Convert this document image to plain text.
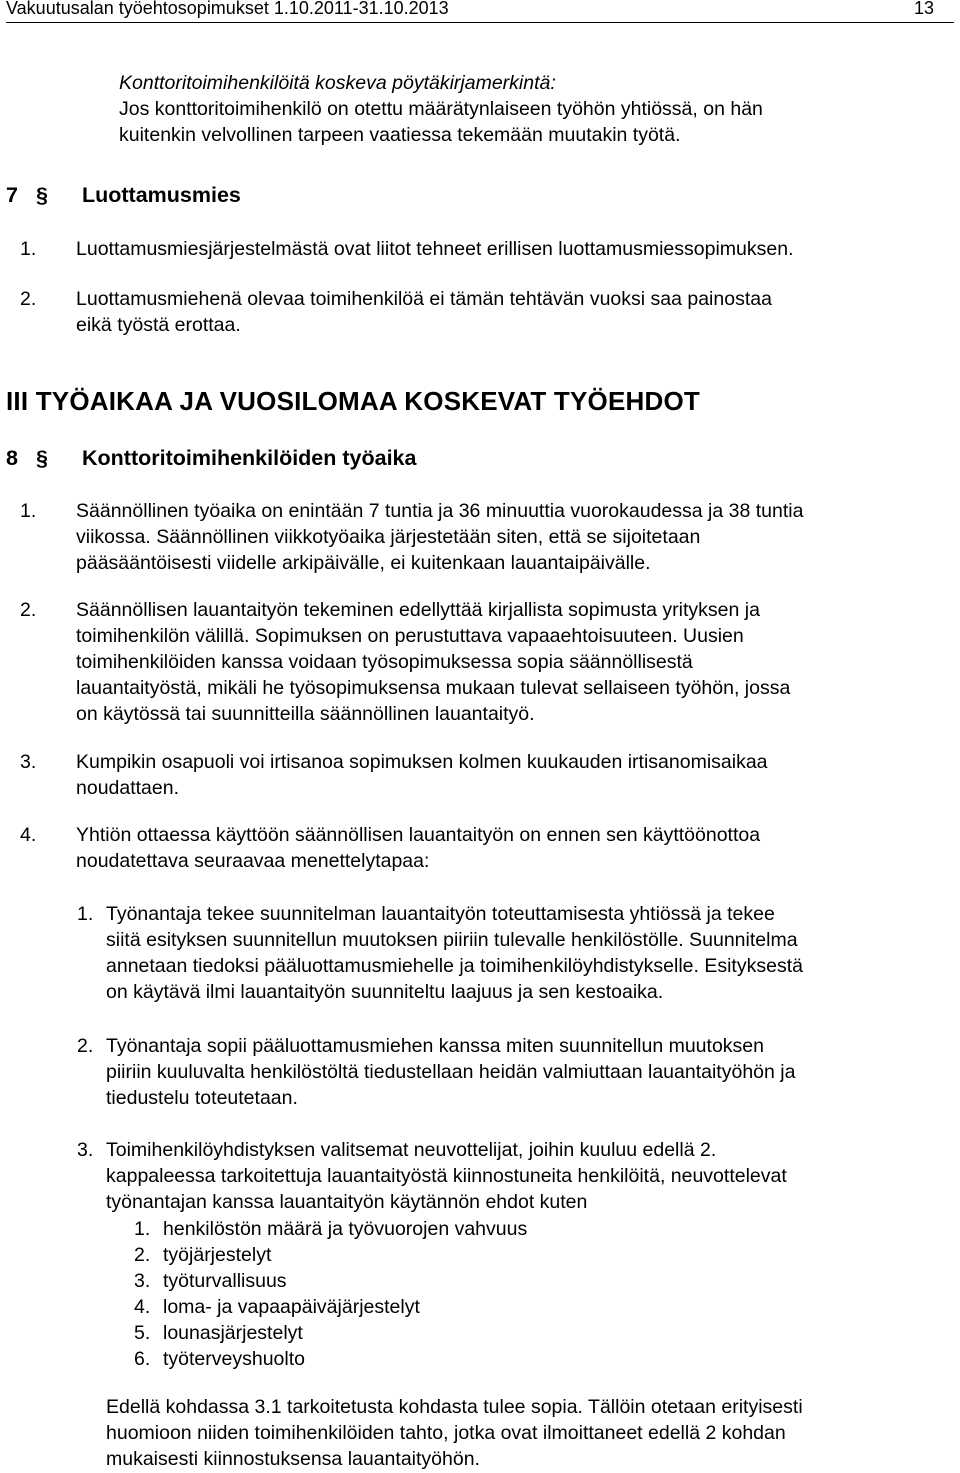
Vakuutusalan työehtosopimukset 1.10.2011-31.10.2013	13
Konttoritoimihenkilöitä koskeva pöytäkirjamerkintä:
Jos konttoritoimihenkilö on otettu määrätynlaiseen työhön yhtiössä, on hän
kuitenkin velvollinen tarpeen vaatiessa tekemään muutakin työtä.
7 § Luottamusmies
1. Luottamusmiesjärjestelmästä ovat liitot tehneet erillisen luottamusmiessopimuksen.
2. Luottamusmiehenä olevaa toimihenkilöä ei tämän tehtävän vuoksi saa painostaa
eikä työstä erottaa.
III TYÖAIKAA JA VUOSILOMAA KOSKEVAT TYÖEHDOT
8 § Konttoritoimihenkilöiden työaika
1. Säännöllinen työaika on enintään 7 tuntia ja 36 minuuttia vuorokaudessa ja 38 tuntia
viikossa. Säännöllinen viikkotyöaika järjestetään siten, että se sijoitetaan
pääsääntöisesti viidelle arkipäivälle, ei kuitenkaan lauantaipäivälle.
2. Säännöllisen lauantaityön tekeminen edellyttää kirjallista sopimusta yrityksen ja
toimihenkilön välillä. Sopimuksen on perustuttava vapaaehtoisuuteen. Uusien
toimihenkilöiden kanssa voidaan työsopimuksessa sopia säännöllisestä
lauantaityöstä, mikäli he työsopimuksensa mukaan tulevat sellaiseen työhön, jossa
on käytössä tai suunnitteilla säännöllinen lauantaityö.
3. Kumpikin osapuoli voi irtisanoa sopimuksen kolmen kuukauden irtisanomisaikaa
noudattaen.
4. Yhtiön ottaessa käyttöön säännöllisen lauantaityön on ennen sen käyttöönottoa
noudatettava seuraavaa menettelytapaa:
1. Työnantaja tekee suunnitelman lauantaityön toteuttamisesta yhtiössä ja tekee
siitä esityksen suunnitellun muutoksen piiriin tulevalle henkilöstölle. Suunnitelma
annetaan tiedoksi pääluottamusmiehelle ja toimihenkilöyhdistykselle. Esityksestä
on käytävä ilmi lauantaityön suunniteltu laajuus ja sen kestoaika.
2. Työnantaja sopii pääluottamusmiehen kanssa miten suunnitellun muutoksen
piiriin kuuluvalta henkilöstöltä tiedustellaan heidän valmiuttaan lauantaityöhön ja
tiedustelu toteutetaan.
3. Toimihenkilöyhdistyksen valitsemat neuvottelijat, joihin kuuluu edellä 2.
kappaleessa tarkoitettuja lauantaityöstä kiinnostuneita henkilöitä, neuvottelevat
työnantajan kanssa lauantaityön käytännön ehdot kuten
1. henkilöstön määrä ja työvuorojen vahvuus
2. työjärjestelyt
3. työturvallisuus
4. loma- ja vapaapäiväjärjestelyt
5. lounasjärjestelyt
6. työterveyshuolto
Edellä kohdassa 3.1 tarkoitetusta kohdasta tulee sopia. Tällöin otetaan erityisesti
huomioon niiden toimihenkilöiden tahto, jotka ovat ilmoittaneet edellä 2 kohdan
mukaisesti kiinnostuksensa lauantaityöhön.
